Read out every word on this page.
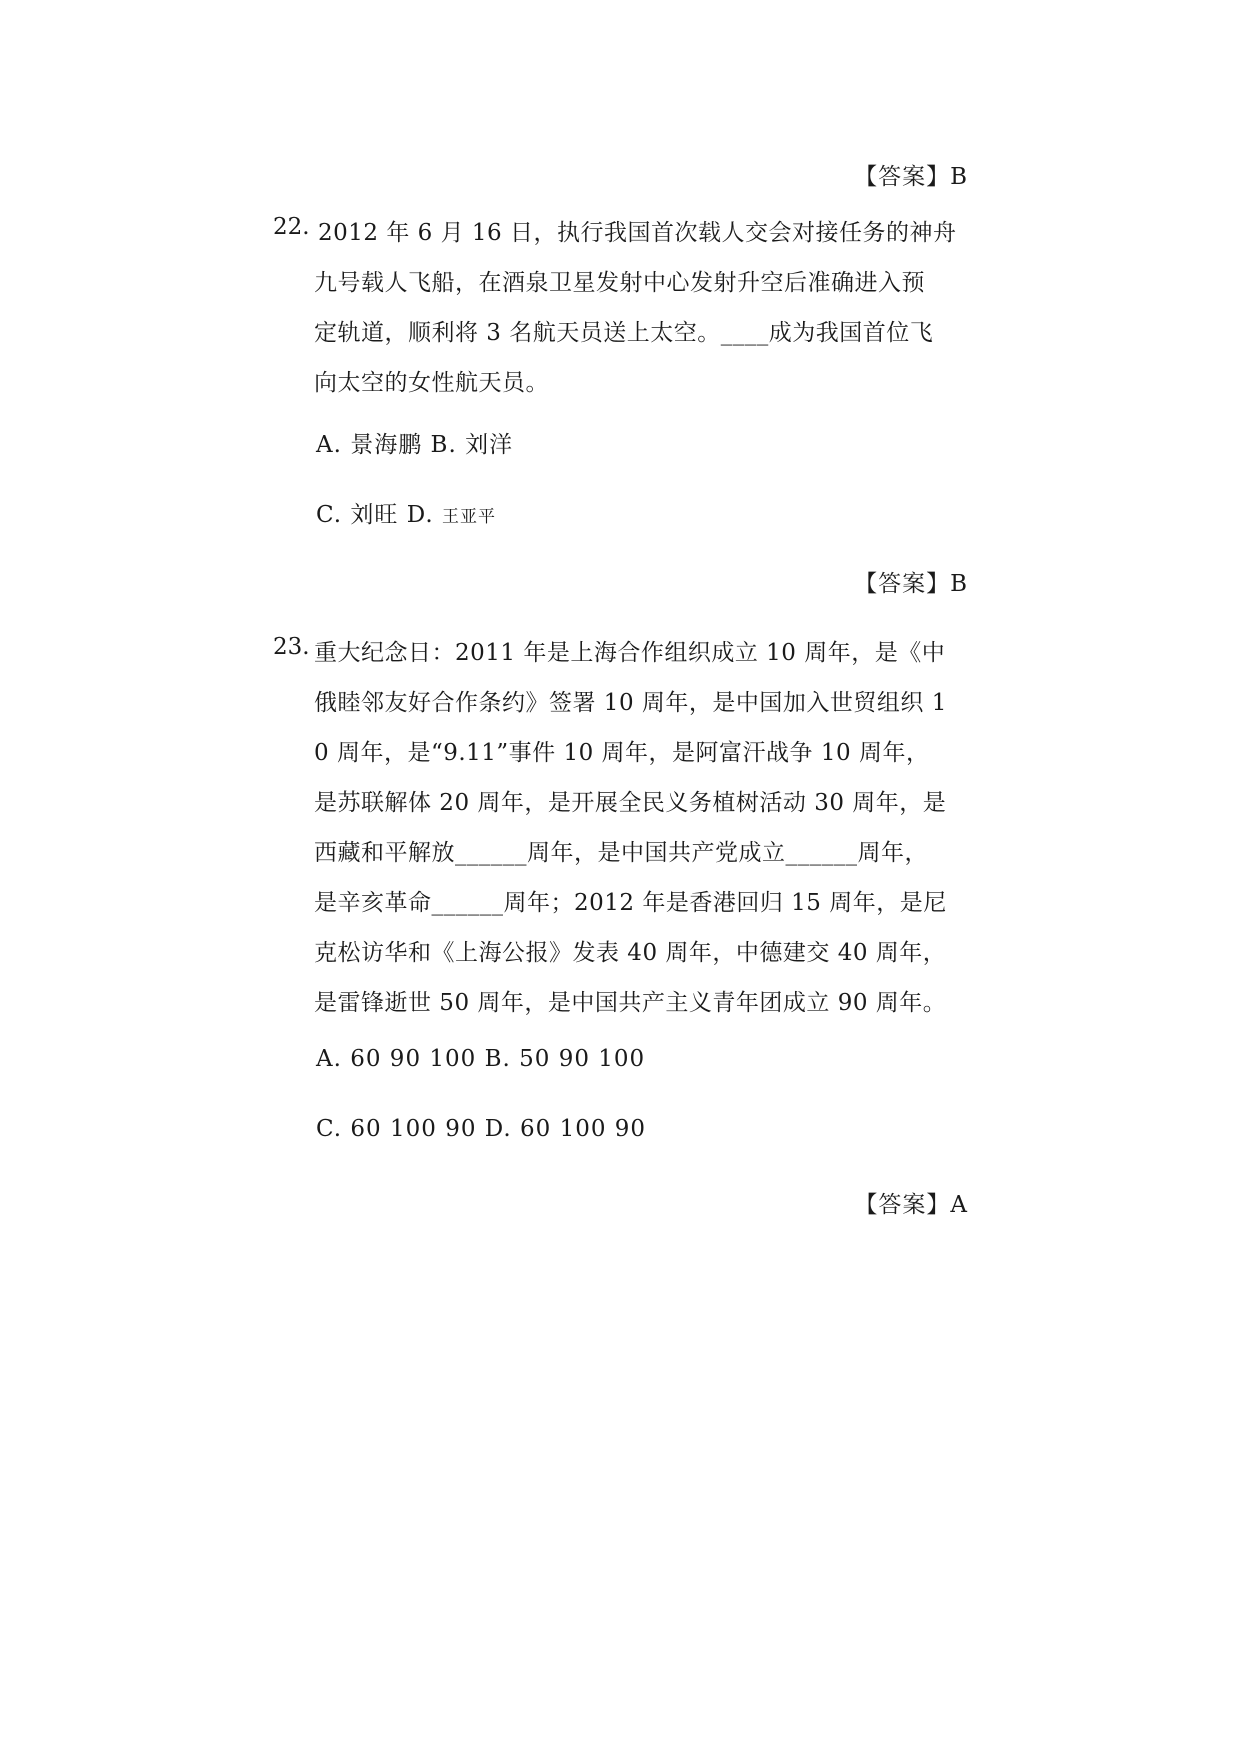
【答案】B
22. 2012 年 6 月 16 日，执行我国首次载人交会对接任务的神舟
九号载人飞船，在酒泉卫星发射中心发射升空后准确进入预
定轨道，顺利将 3 名航天员送上太空。____成为我国首位飞
向太空的女性航天员。
A. 景海鹏 B. 刘洋
C. 刘旺 D. 王亚平
【答案】B
23. 重大纪念日：2011 年是上海合作组织成立 10 周年，是《中
俄睦邻友好合作条约》签署 10 周年，是中国加入世贸组织 1
0 周年，是“9.11”事件 10 周年，是阿富汗战争 10 周年，
是苏联解体 20 周年，是开展全民义务植树活动 30 周年，是
西藏和平解放______周年，是中国共产党成立______周年，
是辛亥革命______周年；2012 年是香港回归 15 周年，是尼
克松访华和《上海公报》发表 40 周年，中德建交 40 周年，
是雷锋逝世 50 周年，是中国共产主义青年团成立 90 周年。
A. 60 90 100 B. 50 90 100
C. 60 100 90 D. 60 100 90
【答案】A
